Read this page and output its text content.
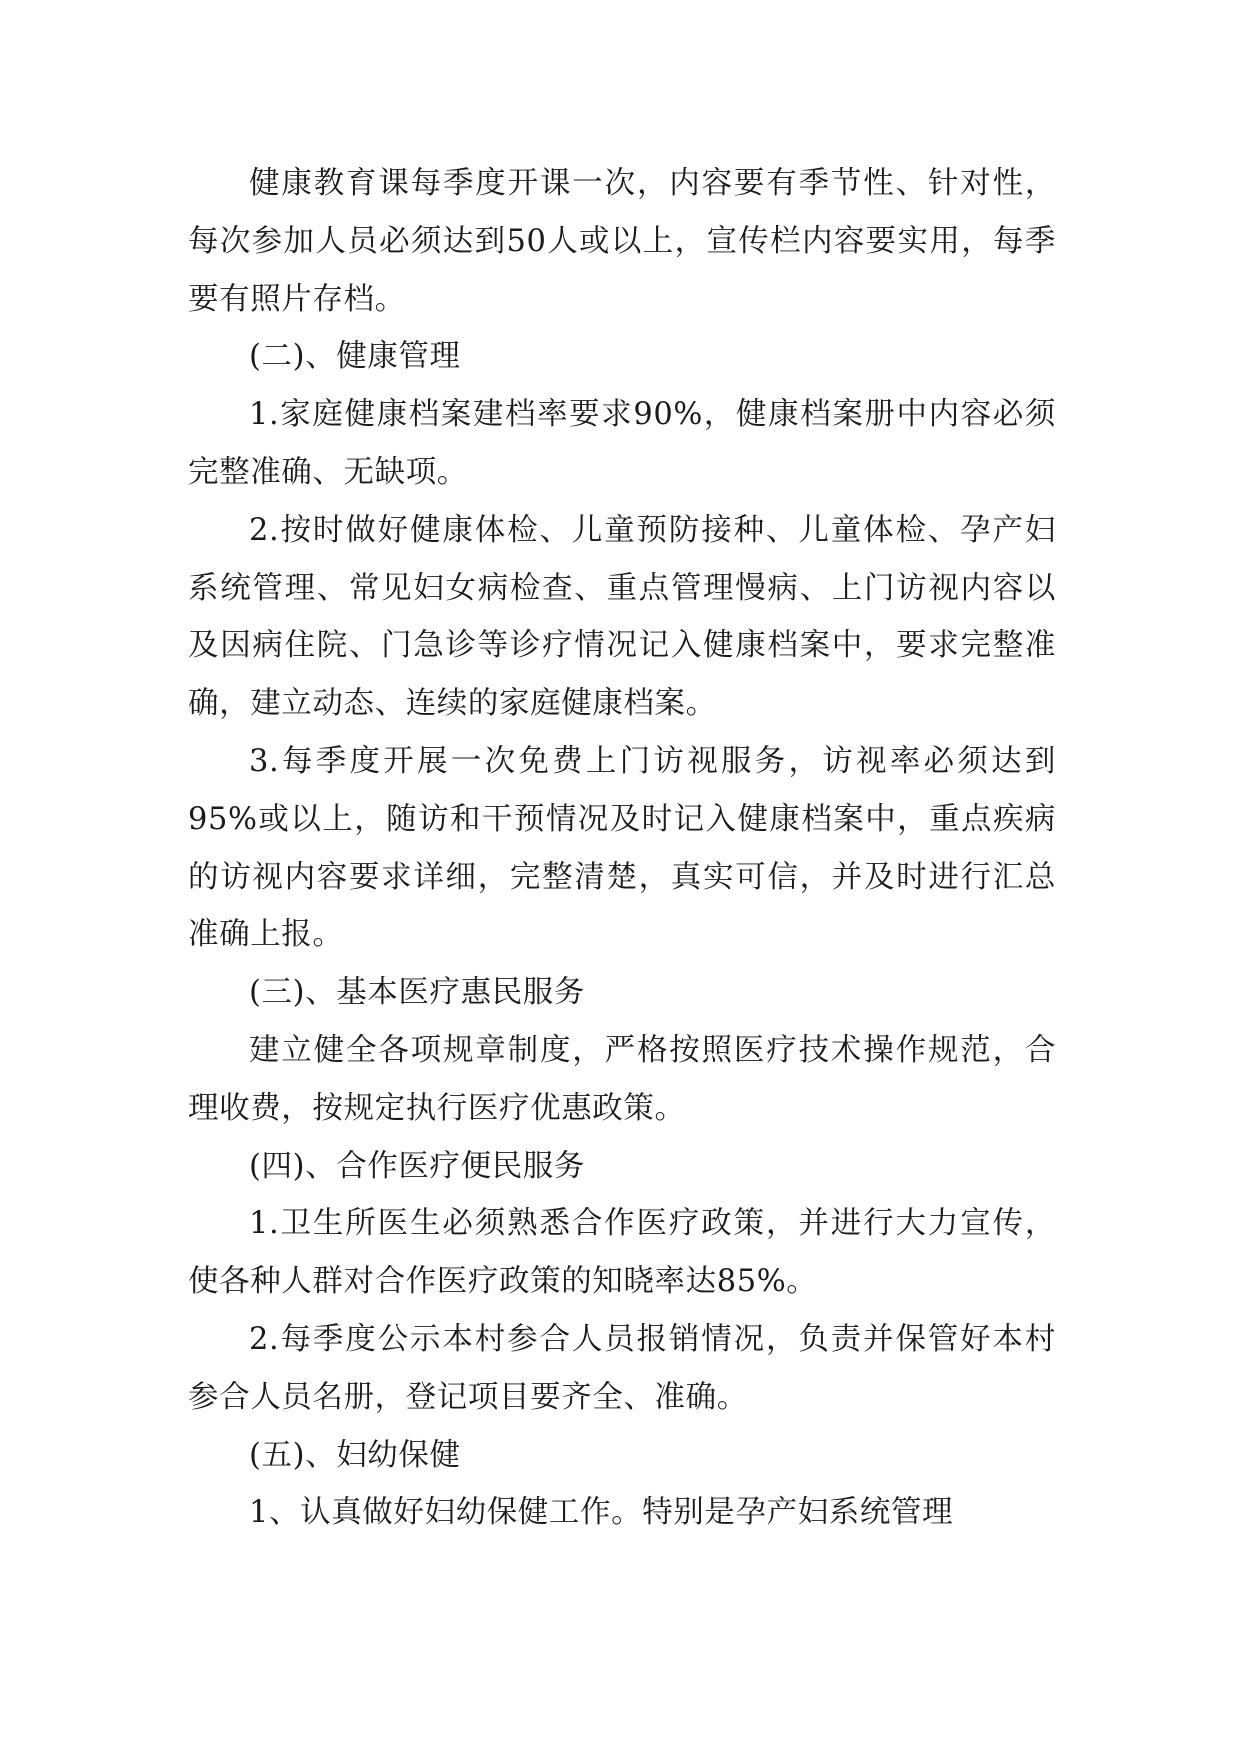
健康教育课每季度开课一次，内容要有季节性、针对性，每次参加人员必须达到50人或以上，宣传栏内容要实用，每季要有照片存档。

(二)、健康管理

1.家庭健康档案建档率要求90%，健康档案册中内容必须完整准确、无缺项。

2.按时做好健康体检、儿童预防接种、儿童体检、孕产妇系统管理、常见妇女病检查、重点管理慢病、上门访视内容以及因病住院、门急诊等诊疗情况记入健康档案中，要求完整准确，建立动态、连续的家庭健康档案。

3.每季度开展一次免费上门访视服务，访视率必须达到95%或以上，随访和干预情况及时记入健康档案中，重点疾病的访视内容要求详细，完整清楚，真实可信，并及时进行汇总准确上报。

(三)、基本医疗惠民服务

建立健全各项规章制度，严格按照医疗技术操作规范，合理收费，按规定执行医疗优惠政策。

(四)、合作医疗便民服务

1.卫生所医生必须熟悉合作医疗政策，并进行大力宣传，使各种人群对合作医疗政策的知晓率达85%。

2.每季度公示本村参合人员报销情况，负责并保管好本村参合人员名册，登记项目要齐全、准确。

(五)、妇幼保健

1、认真做好妇幼保健工作。特别是孕产妇系统管理
